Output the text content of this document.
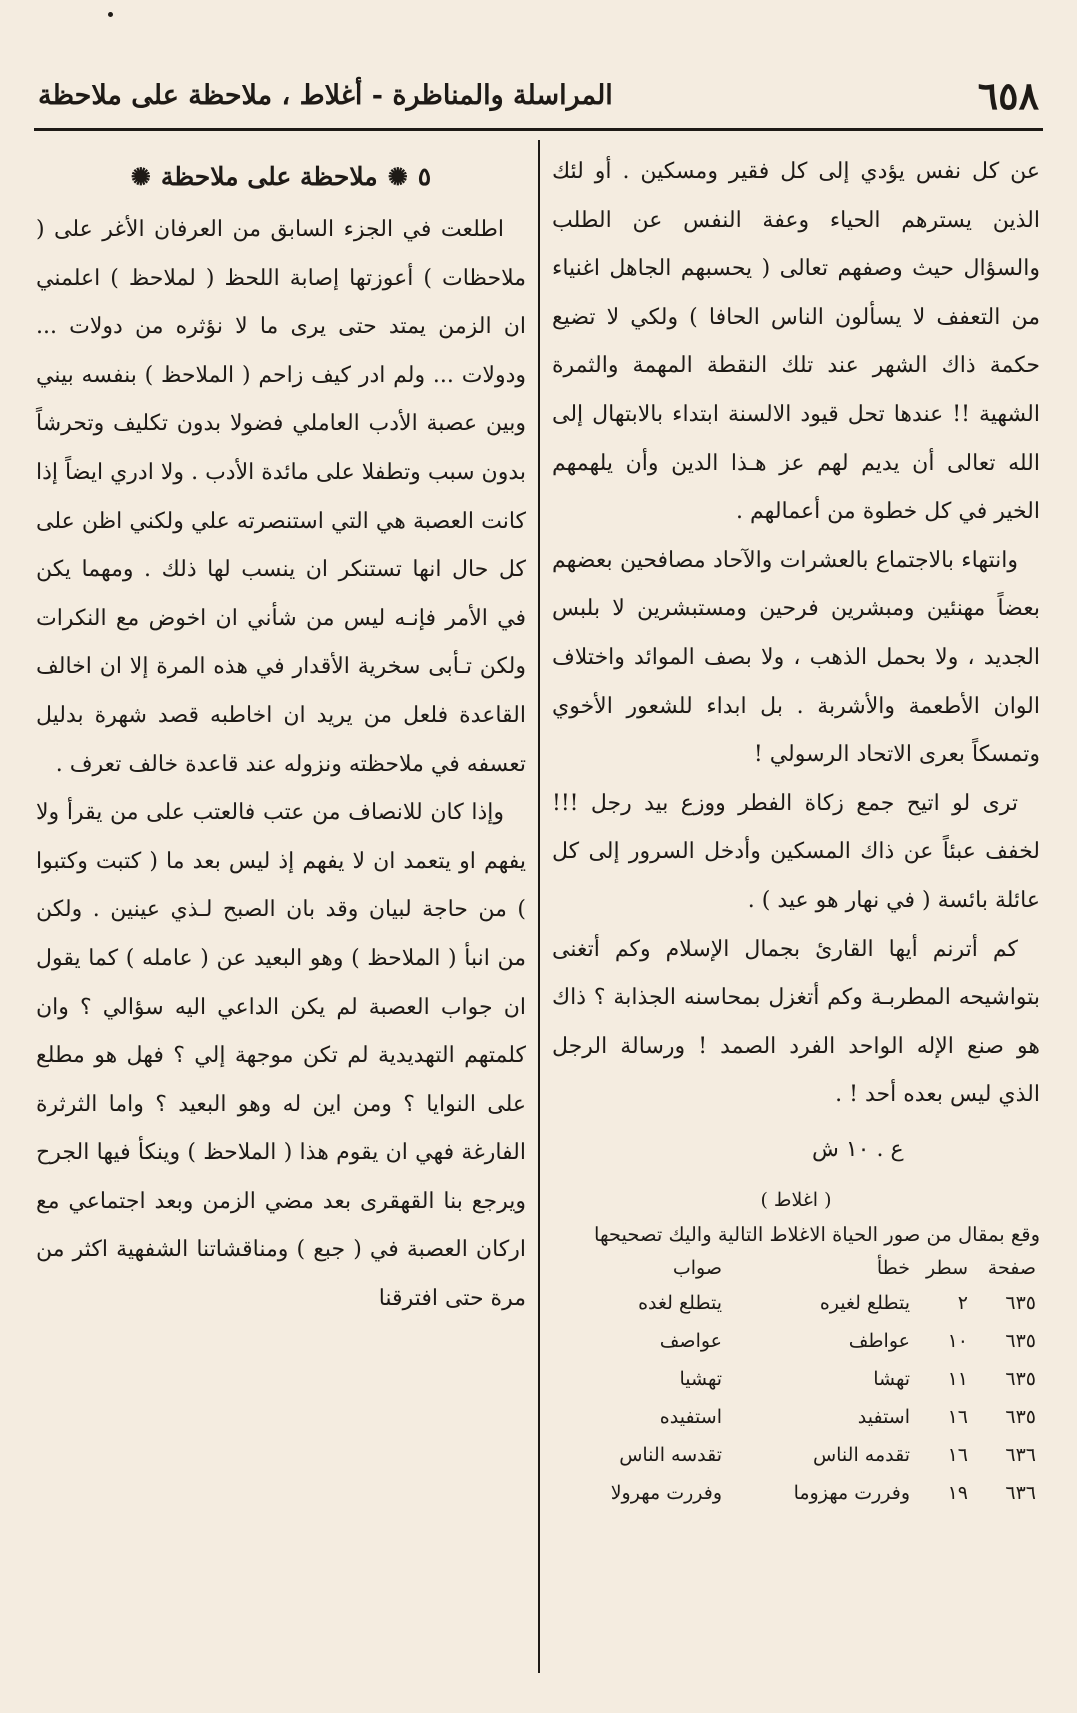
٦٥٨
المراسلة والمناظرة - أغلاط ، ملاحظة على ملاحظة

عن كل نفس يؤدي إلى كل فقير ومسكين . أو لئك الذين يسترهم الحياء وعفة النفس عن الطلب والسؤال حيث وصفهم تعالى ( يحسبهم الجاهل اغنياء من التعفف لا يسألون الناس الحافا ) ولكي لا تضيع حكمة ذاك الشهر عند تلك النقطة المهمة والثمرة الشهية !! عندها تحل قيود الالسنة ابتداء بالابتهال إلى الله تعالى أن يديم لهم عز هـذا الدين وأن يلهمهم الخير في كل خطوة من أعمالهم .

وانتهاء بالاجتماع بالعشرات والآحاد مصافحين بعضهم بعضاً مهنئين ومبشرين فرحين ومستبشرين لا بلبس الجديد ، ولا بحمل الذهب ، ولا بصف الموائد واختلاف الوان الأطعمة والأشربة . بل ابداء للشعور الأخوي وتمسكاً بعرى الاتحاد الرسولي !

ترى لو اتيح جمع زكاة الفطر ووزع بيد رجل !!! لخفف عبئاً عن ذاك المسكين وأدخل السرور إلى كل عائلة بائسة ( في نهار هو عيد ) .

كم أترنم أيها القارئ بجمال الإسلام وكم أتغنى بتواشيحه المطربـة وكم أتغزل بمحاسنه الجذابة ؟ ذاك هو صنع الإله الواحد الفرد الصمد ! ورسالة الرجل الذي ليس بعده أحد ! .

ع . ١٠ ش

( اغلاط )

وقع بمقال من صور الحياة الاغلاط التالية واليك تصحيحها

صفحة	سطر	خطأ	صواب
٦٣٥	٢	يتطلع لغيره	يتطلع لغده
٦٣٥	١٠	عواطف	عواصف
٦٣٥	١١	تهشا	تهشيا
٦٣٥	١٦	استفيد	استفيده
٦٣٦	١٦	تقدمه الناس	تقدسه الناس
٦٣٦	١٩	وفررت مهزوما	وفررت مهرولا
٥
✺
ملاحظة على ملاحظة
✺

اطلعت في الجزء السابق من العرفان الأغر على ( ملاحظات ) أعوزتها إصابة اللحظ ( لملاحظ ) اعلمني ان الزمن يمتد حتى يرى ما لا نؤثره من دولات ... ودولات ... ولم ادر كيف زاحم ( الملاحظ ) بنفسه بيني وبين عصبة الأدب العاملي فضولا بدون تكليف وتحرشاً بدون سبب وتطفلا على مائدة الأدب . ولا ادري ايضاً إذا كانت العصبة هي التي استنصرته علي ولكني اظن على كل حال انها تستنكر ان ينسب لها ذلك . ومهما يكن في الأمر فإنـه ليس من شأني ان اخوض مع النكرات ولكن تـأبى سخرية الأقدار في هذه المرة إلا ان اخالف القاعدة فلعل من يريد ان اخاطبه قصد شهرة بدليل تعسفه في ملاحظته ونزوله عند قاعدة خالف تعرف .

وإذا كان للانصاف من عتب فالعتب على من يقرأ ولا يفهم او يتعمد ان لا يفهم إذ ليس بعد ما ( كتبت وكتبوا ) من حاجة لبيان وقد بان الصبح لـذي عينين . ولكن من انبأ ( الملاحظ ) وهو البعيد عن ( عامله ) كما يقول ان جواب العصبة لم يكن الداعي اليه سؤالي ؟ وان كلمتهم التهديدية لم تكن موجهة إلي ؟ فهل هو مطلع على النوايا ؟ ومن اين له وهو البعيد ؟ واما الثرثرة الفارغة فهي ان يقوم هذا ( الملاحظ ) وينكأ فيها الجرح ويرجع بنا القهقرى بعد مضي الزمن وبعد اجتماعي مع اركان العصبة في ( جبع ) ومناقشاتنا الشفهية اكثر من مرة حتى افترقنا
